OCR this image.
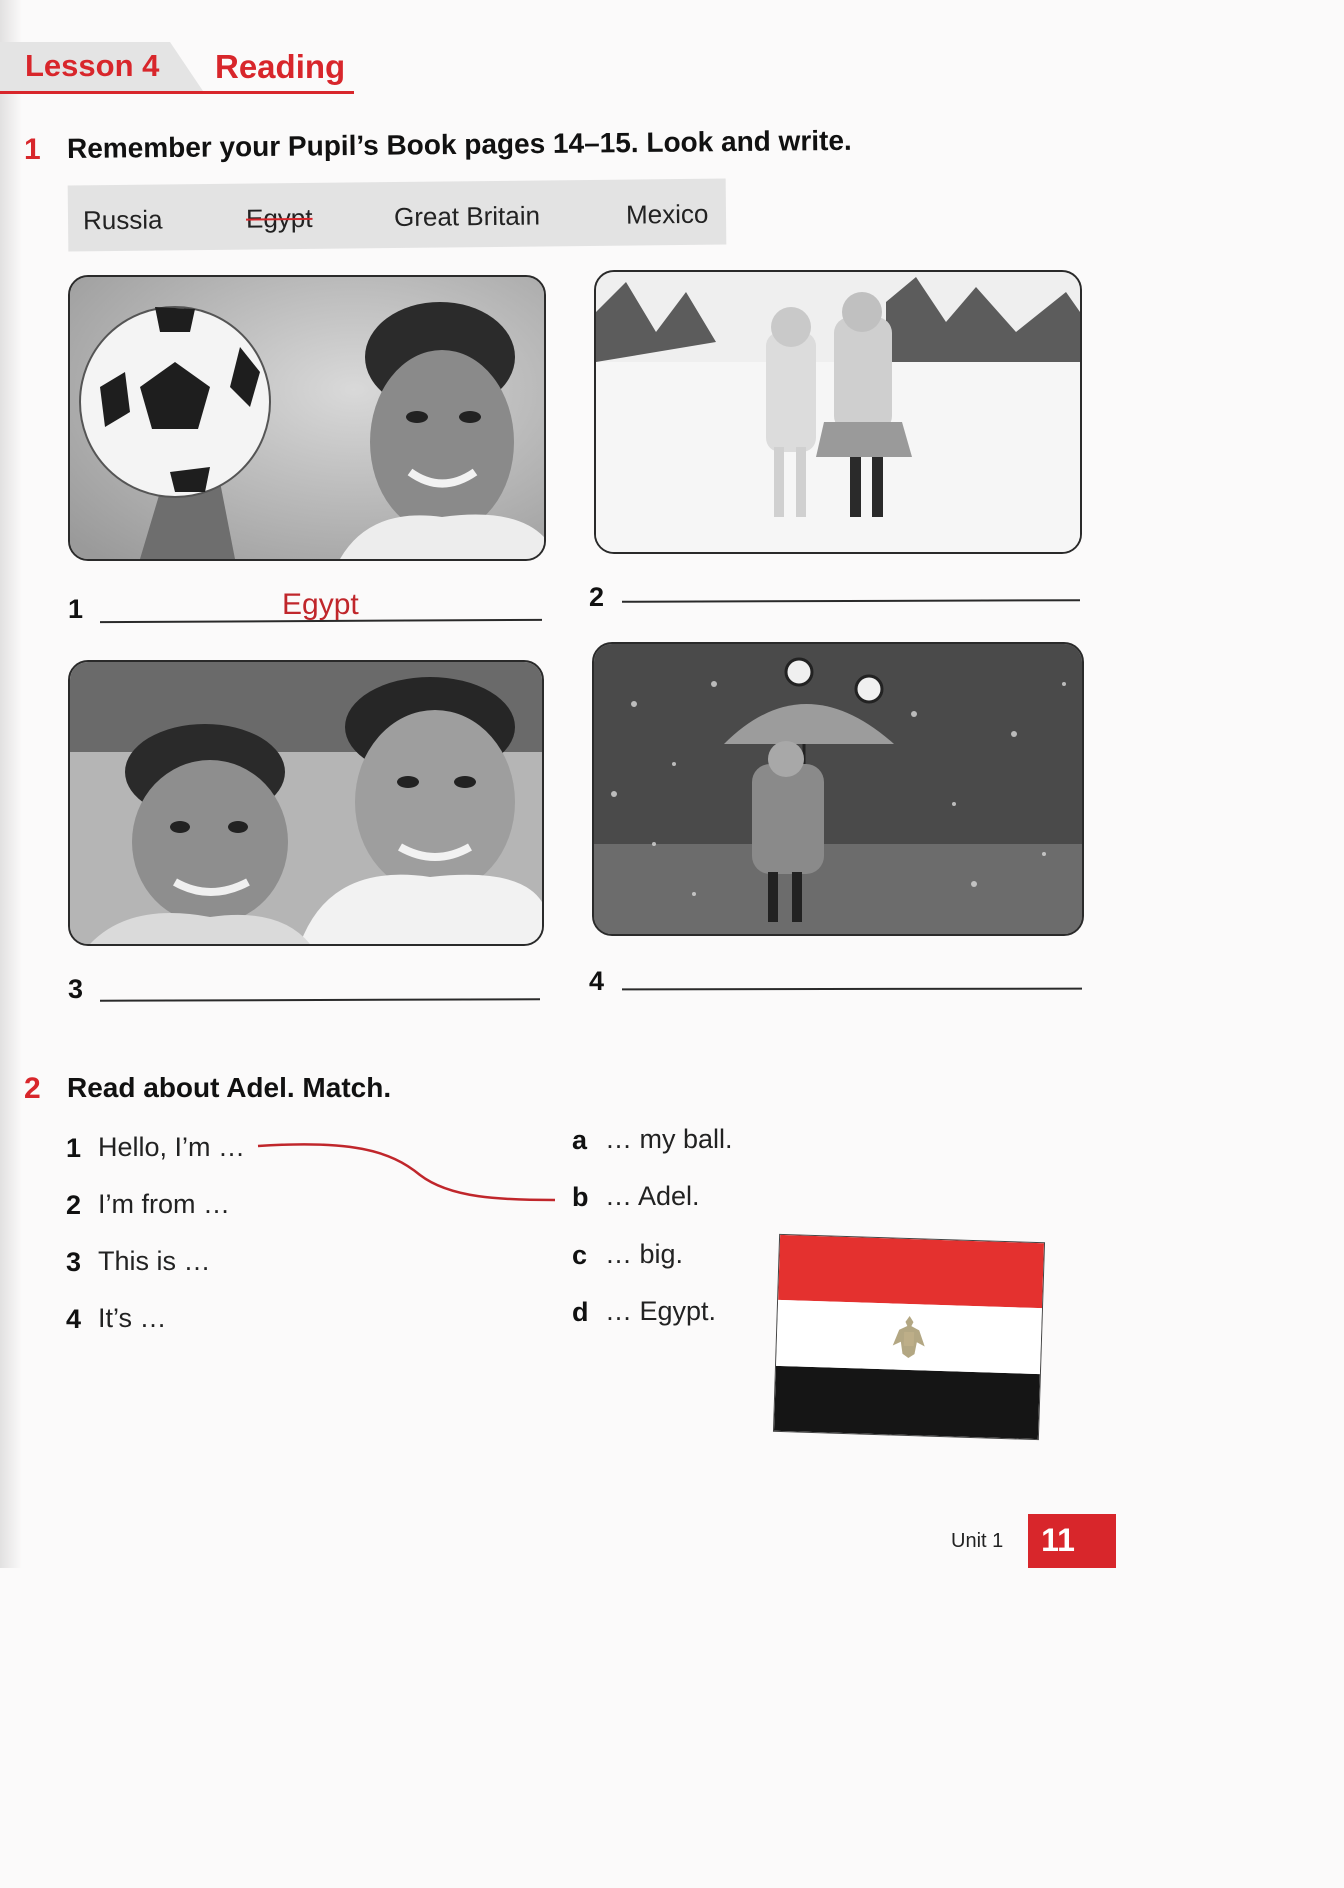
Lesson 4 Reading
1 Remember your Pupil’s Book pages 14–15. Look and write.
Russia	Egypt	Great Britain	Mexico
1	Egypt	2
3	4
2 Read about Adel. Match.
1 Hello, I’m …
2 I’m from …
3 This is …
4 It’s …
a … my ball.
b … Adel.
c … big.
d … Egypt.
Unit 1	11
